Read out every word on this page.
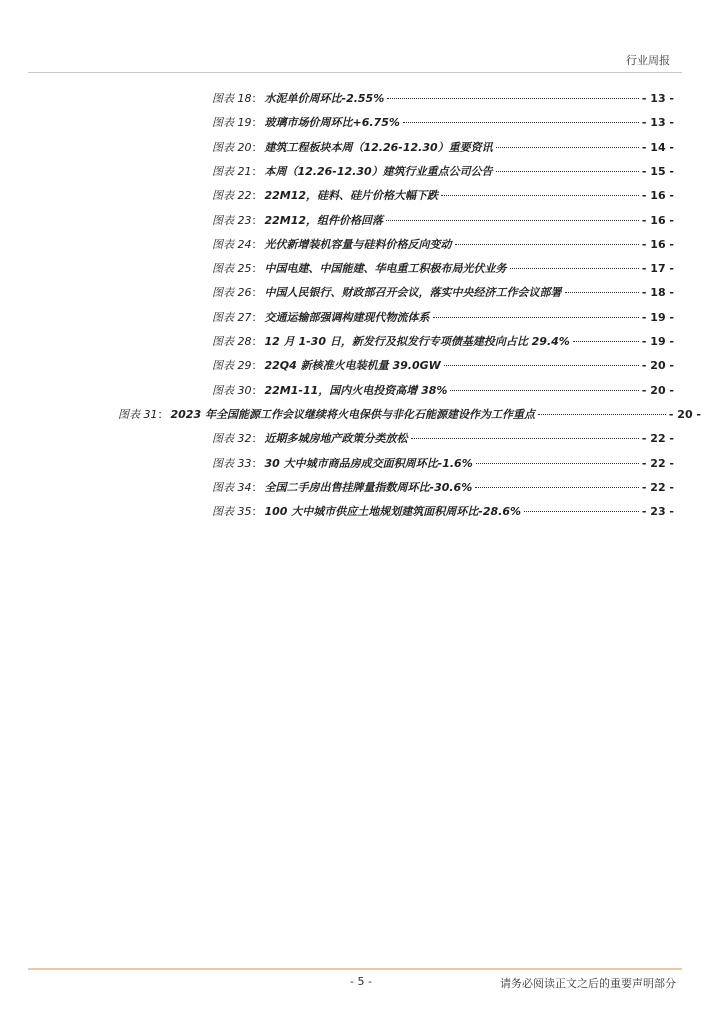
行业周报
图表 18 ： 水泥单价周环比-2.55%	- 13 -
图表 19 ： 玻璃市场价周环比+6.75%	- 13 -
图表 20 ： 建筑工程板块本周（12.26-12.30）重要资讯	- 14 -
图表 21 ： 本周（12.26-12.30）建筑行业重点公司公告	- 15 -
图表 22 ： 22M12，硅料、硅片价格大幅下跌	- 16 -
图表 23 ： 22M12，组件价格回落	- 16 -
图表 24 ： 光伏新增装机容量与硅料价格反向变动	- 16 -
图表 25 ： 中国电建、中国能建、华电重工积极布局光伏业务	- 17 -
图表 26 ： 中国人民银行、财政部召开会议，落实中央经济工作会议部署	- 18 -
图表 27 ： 交通运输部强调构建现代物流体系	- 19 -
图表 28 ： 12 月 1-30 日，新发行及拟发行专项债基建投向占比 29.4%	- 19 -
图表 29 ： 22Q4 新核准火电装机量 39.0GW	- 20 -
图表 30 ： 22M1-11，国内火电投资高增 38%	- 20 -
图表 31 ： 2023 年全国能源工作会议继续将火电保供与非化石能源建设作为工作重点	- 20 -
图表 32 ： 近期多城房地产政策分类放松	- 22 -
图表 33 ： 30 大中城市商品房成交面积周环比-1.6%	- 22 -
图表 34 ： 全国二手房出售挂牌量指数周环比-30.6%	- 22 -
图表 35 ： 100 大中城市供应土地规划建筑面积周环比-28.6%	- 23 -
- 5 -	请务必阅读正文之后的重要声明部分
